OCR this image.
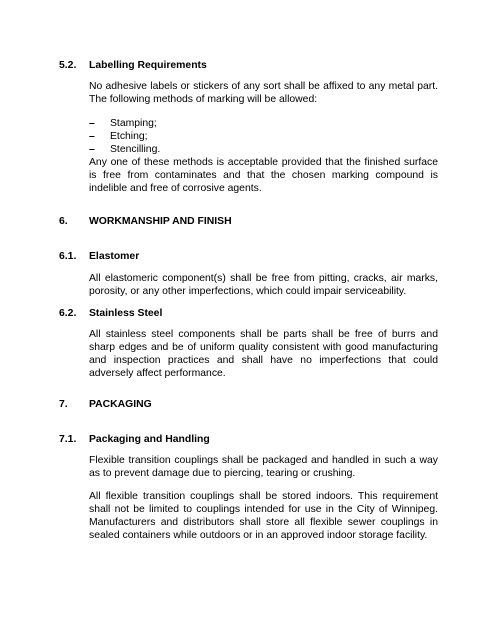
5.2. Labelling Requirements

No adhesive labels or stickers of any sort shall be affixed to any metal part. The following methods of marking will be allowed:

– Stamping;
– Etching;
– Stencilling.

Any one of these methods is acceptable provided that the finished surface is free from contaminates and that the chosen marking compound is indelible and free of corrosive agents.

6. WORKMANSHIP AND FINISH
6.1. Elastomer

All elastomeric component(s) shall be free from pitting, cracks, air marks, porosity, or any other imperfections, which could impair serviceability.

6.2. Stainless Steel

All stainless steel components shall be parts shall be free of burrs and sharp edges and be of uniform quality consistent with good manufacturing and inspection practices and shall have no imperfections that could adversely affect performance.

7. PACKAGING
7.1. Packaging and Handling

Flexible transition couplings shall be packaged and handled in such a way as to prevent damage due to piercing, tearing or crushing.

All flexible transition couplings shall be stored indoors. This requirement shall not be limited to couplings intended for use in the City of Winnipeg. Manufacturers and distributors shall store all flexible sewer couplings in sealed containers while outdoors or in an approved indoor storage facility.
